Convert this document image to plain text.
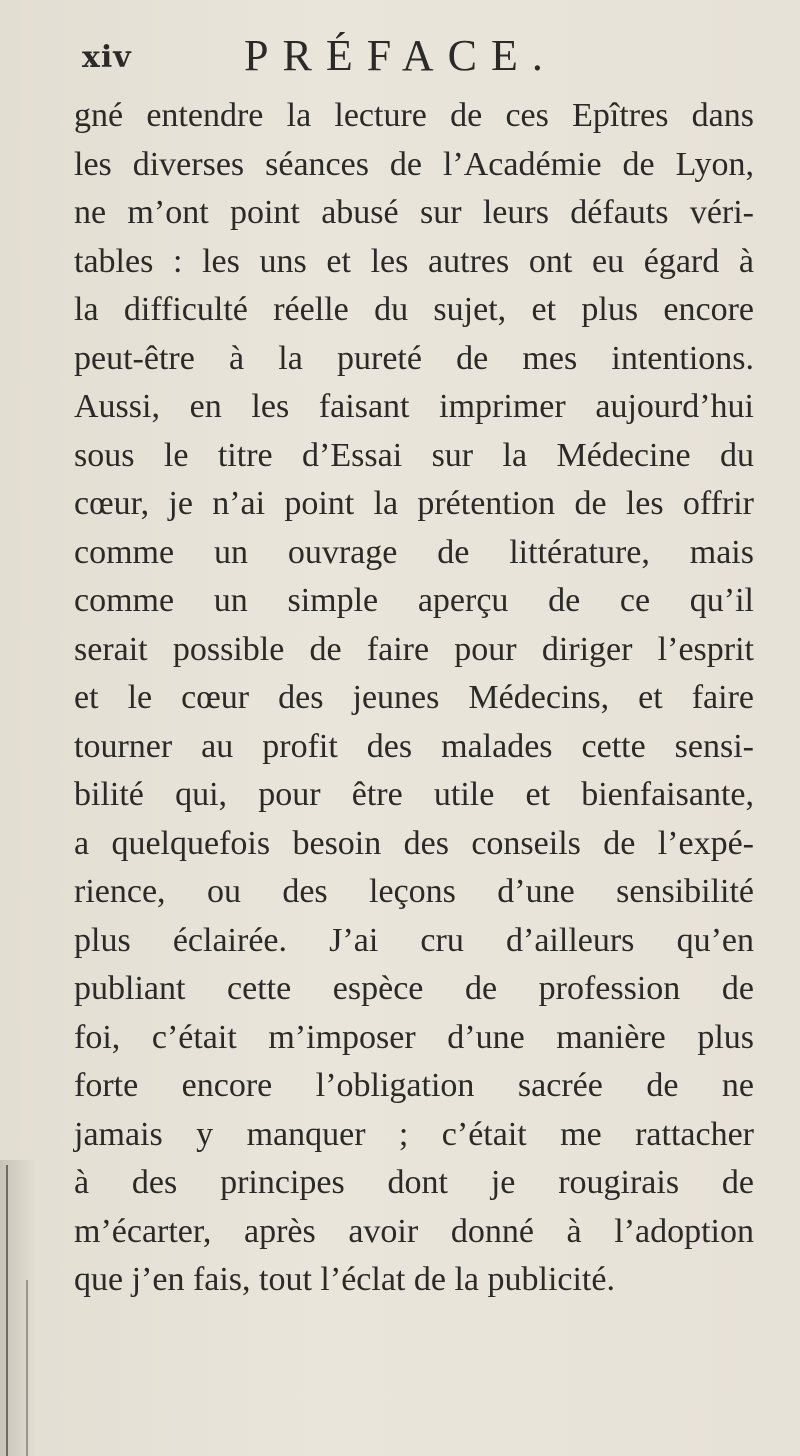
xiv	PRÉFACE.
gné entendre la lecture de ces Epîtres dans
les diverses séances de l’Académie de Lyon,
ne m’ont point abusé sur leurs défauts véri-
tables : les uns et les autres ont eu égard à
la difficulté réelle du sujet, et plus encore
peut-être à la pureté de mes intentions.
Aussi, en les faisant imprimer aujourd’hui
sous le titre d’Essai sur la Médecine du
cœur, je n’ai point la prétention de les offrir
comme un ouvrage de littérature, mais
comme un simple aperçu de ce qu’il
serait possible de faire pour diriger l’esprit
et le cœur des jeunes Médecins, et faire
tourner au profit des malades cette sensi-
bilité qui, pour être utile et bienfaisante,
a quelquefois besoin des conseils de l’expé-
rience, ou des leçons d’une sensibilité
plus éclairée. J’ai cru d’ailleurs qu’en
publiant cette espèce de profession de
foi, c’était m’imposer d’une manière plus
forte encore l’obligation sacrée de ne
jamais y manquer ; c’était me rattacher
à des principes dont je rougirais de
m’écarter, après avoir donné à l’adoption
que j’en fais, tout l’éclat de la publicité.
